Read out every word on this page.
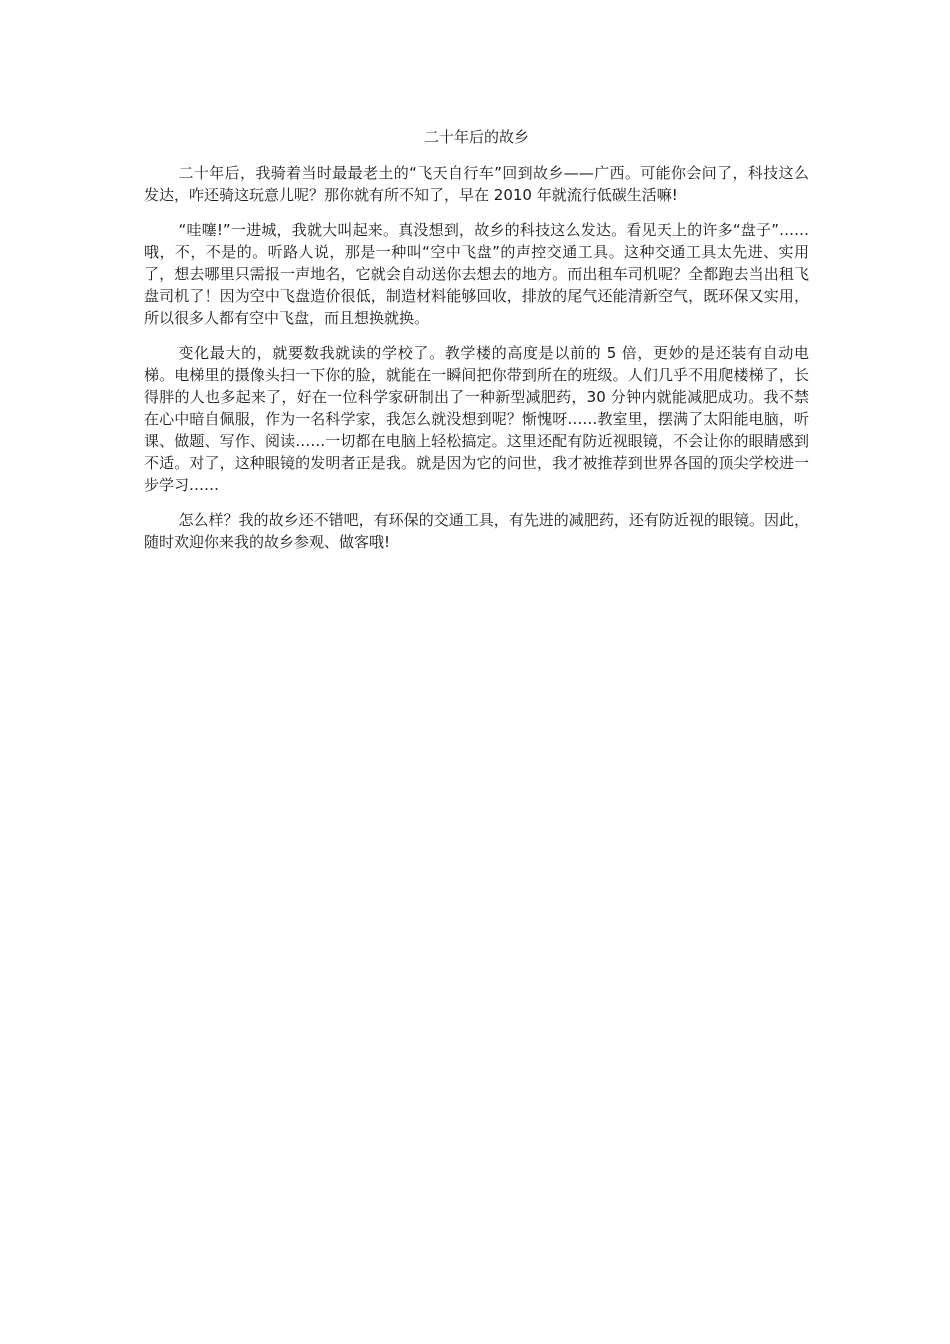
二十年后的故乡

二十年后，我骑着当时最最老土的“飞天自行车”回到故乡——广西。可能你会问了，科技这么发达，咋还骑这玩意儿呢？那你就有所不知了，早在 2010 年就流行低碳生活嘛!

“哇噻!”一进城，我就大叫起来。真没想到，故乡的科技这么发达。看见天上的许多“盘子”……哦，不，不是的。听路人说，那是一种叫“空中飞盘”的声控交通工具。这种交通工具太先进、实用了，想去哪里只需报一声地名，它就会自动送你去想去的地方。而出租车司机呢？全都跑去当出租飞盘司机了！因为空中飞盘造价很低，制造材料能够回收，排放的尾气还能清新空气，既环保又实用，所以很多人都有空中飞盘，而且想换就换。

变化最大的，就要数我就读的学校了。教学楼的高度是以前的 5 倍，更妙的是还装有自动电梯。电梯里的摄像头扫一下你的脸，就能在一瞬间把你带到所在的班级。人们几乎不用爬楼梯了，长得胖的人也多起来了，好在一位科学家研制出了一种新型减肥药，30 分钟内就能减肥成功。我不禁在心中暗自佩服，作为一名科学家，我怎么就没想到呢？惭愧呀……教室里，摆满了太阳能电脑，听课、做题、写作、阅读……一切都在电脑上轻松搞定。这里还配有防近视眼镜，不会让你的眼睛感到不适。对了，这种眼镜的发明者正是我。就是因为它的问世，我才被推荐到世界各国的顶尖学校进一步学习……

怎么样？我的故乡还不错吧，有环保的交通工具，有先进的减肥药，还有防近视的眼镜。因此，随时欢迎你来我的故乡参观、做客哦!
